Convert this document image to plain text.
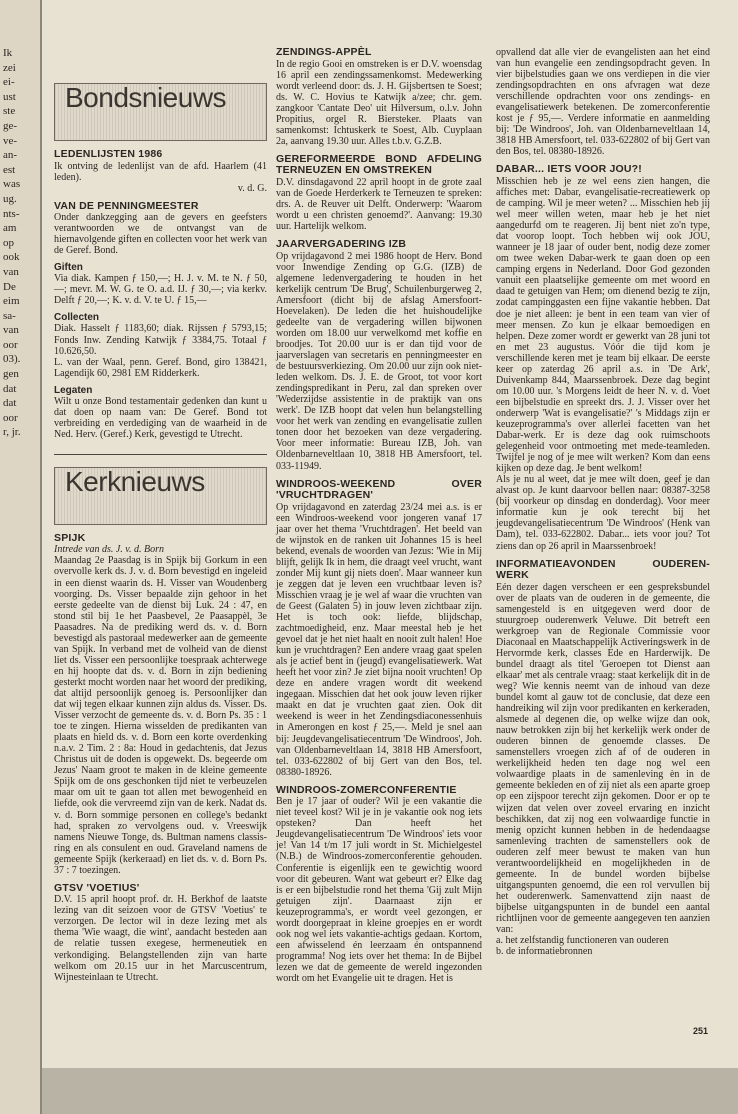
Ik
zei
ei-
ust
ste
ge-
ve-
an-
est
was
ug.
nts-
am
op
ook
van
De
eim
sa-
van
oor
03).
gen
dat
dat
oor
r, jr.
Bondsnieuws
LEDENLIJSTEN 1986

Ik ontving de ledenlijst van de afd. Haarlem (41 leden).

v. d. G.

VAN DE PENNINGMEESTER

Onder dankzegging aan de gevers en geefsters verantwoorden we de ontvangst van de hiernavolgende giften en collecten voor het werk van de Geref. Bond.

Giften

Via diak. Kampen ƒ 150,—; H. J. v. M. te N. ƒ 50,—; mevr. M. W. G. te O. a.d. IJ. ƒ 30,—; via kerkv. Delft ƒ 20,—; K. v. d. V. te U. ƒ 15,—

Collecten

Diak. Hasselt ƒ 1183,60; diak. Rijssen ƒ 5793,15; Fonds Inw. Zending Katwijk ƒ 3384,75. Totaal ƒ 10.626,50.

L. van der Waal, penn. Geref. Bond, giro 138421, Lagendijk 60, 2981 EM Ridderkerk.

Legaten

Wilt u onze Bond testamentair gedenken dan kunt u dat doen op naam van: De Geref. Bond tot verbreiding en verdediging van de waarheid in de Ned. Herv. (Geref.) Kerk, gevestigd te Utrecht.

Kerknieuws
SPIJK

Intrede van ds. J. v. d. Born

Maandag 2e Paasdag is in Spijk bij Gorkum in een overvolle kerk ds. J. v. d. Born bevestigd en ingeleid in een dienst waarin ds. H. Visser van Woudenberg voorging. Ds. Visser bepaalde zijn gehoor in het eerste gedeelte van de dienst bij Luk. 24 : 47, en stond stil bij 1e het Paasbevel, 2e Paasappèl, 3e Paasadres. Na de prediking werd ds. v. d. Born bevestigd als pastoraal medewerker aan de gemeente van Spijk. In verband met de volheid van de dienst liet ds. Visser een persoonlijke toespraak achterwege en hij hoopte dat ds. v. d. Born in zijn bediening gesterkt mocht worden naar het woord der prediking, dat altijd persoonlijk genoeg is. Persoonlijker dan dat wij tegen elkaar kunnen zijn aldus ds. Visser. Ds. Visser verzocht de gemeente ds. v. d. Born Ps. 35 : 1 toe te zingen. Hierna wisselden de predikanten van plaats en hield ds. v. d. Born een korte overdenking n.a.v. 2 Tim. 2 : 8a: Houd in gedachtenis, dat Jezus Christus uit de doden is opgewekt. Ds. begeerde om Jezus' Naam groot te maken in de kleine gemeente Spijk om de ons geschonken tijd niet te verbeuzelen maar om uit te gaan tot allen met bewogenheid en liefde, ook die vervreemd zijn van de kerk. Nadat ds. v. d. Born sommige personen en college's bedankt had, spraken zo vervolgens oud. v. Vreeswijk namens Nieuwe Tonge, ds. Bultman namens classis-ring en als consulent en oud. Graveland namens de gemeente Spijk (kerkeraad) en liet ds. v. d. Born Ps. 37 : 7 toezingen.

GTSV 'VOETIUS'

D.V. 15 april hoopt prof. dr. H. Berkhof de laatste lezing van dit seizoen voor de GTSV 'Voetius' te verzorgen. De lector wil in deze lezing met als thema 'Wie waagt, die wint', aandacht besteden aan de relatie tussen exegese, hermeneutiek en verkondiging. Belangstellenden zijn van harte welkom om 20.15 uur in het Marcuscentrum, Wijnesteinlaan te Utrecht.

ZENDINGS-APPÈL

In de regio Gooi en omstreken is er D.V. woensdag 16 april een zendingssamenkomst. Medewerking wordt verleend door: ds. J. H. Gijsbertsen te Soest; ds. W. C. Hovius te Katwijk a/zee; chr. gem. zangkoor 'Cantate Deo' uit Hilversum, o.l.v. John Propitius, orgel R. Biersteker. Plaats van samenkomst: Ichtuskerk te Soest, Alb. Cuyplaan 2a, aanvang 19.30 uur. Alles t.b.v. G.Z.B.

GEREFORMEERDE BOND AFDELING TERNEUZEN EN OMSTREKEN

D.V. dinsdagavond 22 april hoopt in de grote zaal van de Goede Herderkerk te Terneuzen te spreken: drs. A. de Reuver uit Delft. Onderwerp: 'Waarom wordt u een christen genoemd?'. Aanvang: 19.30 uur. Hartelijk welkom.

JAARVERGADERING IZB

Op vrijdagavond 2 mei 1986 hoopt de Herv. Bond voor Inwendige Zending op G.G. (IZB) de algemene ledenvergadering te houden in het kerkelijk centrum 'De Brug', Schuilenburgerweg 2, Amersfoort (dicht bij de afslag Amersfoort-Hoevelaken). De leden die het huishoudelijke gedeelte van de vergadering willen bijwonen worden om 18.00 uur verwelkomd met koffie en broodjes. Tot 20.00 uur is er dan tijd voor de jaarverslagen van secretaris en penningmeester en de bestuursverkiezing. Om 20.00 uur zijn ook niet-leden welkom. Ds. J. E. de Groot, tot voor kort zendingspredikant in Peru, zal dan spreken over 'Wederzijdse assistentie in de praktijk van ons werk'. De IZB hoopt dat velen hun belangstelling voor het werk van zending en evangelisatie zullen tonen door het bezoeken van deze vergadering. Voor meer informatie: Bureau IZB, Joh. van Oldenbarneveltlaan 10, 3818 HB Amersfoort, tel. 033-11949.

WINDROOS-WEEKEND	OVER
'VRUCHTDRAGEN'

Op vrijdagavond en zaterdag 23/24 mei a.s. is er een Windroos-weekend voor jongeren vanaf 17 jaar over het thema 'Vruchtdragen'. Het beeld van de wijnstok en de ranken uit Johannes 15 is heel bekend, evenals de woorden van Jezus: 'Wie in Mij blijft, gelijk Ik in hem, die draagt veel vrucht, want zonder Mij kunt gij niets doen'. Maar wanneer kun je zeggen dat je leven een vruchtbaar leven is? Misschien vraag je je wel af waar die vruchten van de Geest (Galaten 5) in jouw leven zichtbaar zijn. Het is toch ook: liefde, blijdschap, zachtmoedigheid, enz. Maar meestal heb je het gevoel dat je het niet haalt en nooit zult halen! Hoe kun je vruchtdragen? Een andere vraag gaat spelen als je actief bent in (jeugd) evangelisatiewerk. Wat heeft het voor zin? Je ziet bijna nooit vruchten! Op deze en andere vragen wordt dit weekend ingegaan. Misschien dat het ook jouw leven rijker maakt en dat je vruchten gaat zien. Ook dit weekend is weer in het Zendingsdiaconessenhuis in Amerongen en kost ƒ 25,—. Meld je snel aan bij: Jeugdevangelisatiecentrum 'De Windroos', Joh. van Oldenbarneveltlaan 14, 3818 HB Amersfoort, tel. 033-622802 of bij Gert van den Bos, tel. 08380-18926.

WINDROOS-ZOMERCONFERENTIE

Ben je 17 jaar of ouder? Wil je een vakantie die niet teveel kost? Wil je in je vakantie ook nog iets opsteken? Dan heeft het Jeugdevangelisatiecentrum 'De Windroos' iets voor je! Van 14 t/m 17 juli wordt in St. Michielgestel (N.B.) de Windroos-zomerconferentie gehouden. Conferentie is eigenlijk een te gewichtig woord voor dit gebeuren. Want wat gebeurt er? Elke dag is er een bijbelstudie rond het thema 'Gij zult Mijn getuigen zijn'. Daarnaast zijn er keuzeprogramma's, er wordt veel gezongen, er wordt doorgepraat in kleine groepjes en er wordt ook nog wel iets vakantie-achtigs gedaan. Kortom, een afwisselend én leerzaam én ontspannend programma! Nog iets over het thema: In de Bijbel lezen we dat de gemeente de wereld ingezonden wordt om het Evangelie uit te dragen. Het is

opvallend dat alle vier de evangelisten aan het eind van hun evangelie een zendingsopdracht geven. In vier bijbelstudies gaan we ons verdiepen in die vier zendingsopdrachten en ons afvragen wat deze verschillende opdrachten voor ons zendings- en evangelisatiewerk betekenen. De zomerconferentie kost je ƒ 95,—. Verdere informatie en aanmelding bij: 'De Windroos', Joh. van Oldenbarneveltlaan 14, 3818 HB Amersfoort, tel. 033-622802 of bij Gert van den Bos, tel. 08380-18926.

DABAR... IETS VOOR JOU?!

Misschien heb je ze wel eens zien hangen, die affiches met: Dabar, evangelisatie-recreatiewerk op de camping. Wil je meer weten? ... Misschien heb jij wel meer willen weten, maar heb je het niet aangedurfd om te reageren. Jij bent niet zo'n type, dat voorop loopt. Toch hebben wij ook JOU, wanneer je 18 jaar of ouder bent, nodig deze zomer om twee weken Dabar-werk te gaan doen op een camping ergens in Nederland. Door God gezonden vanuit een plaatselijke gemeente om met woord en daad te getuigen van Hem; om dienend bezig te zijn, zodat campinggasten een fijne vakantie hebben. Dat doe je niet alleen: je bent in een team van vier of meer mensen. Zo kun je elkaar bemoedigen en helpen. Deze zomer wordt er gewerkt van 28 juni tot en met 23 augustus. Vóór die tijd kom je verschillende keren met je team bij elkaar. De eerste keer op zaterdag 26 april a.s. in 'De Ark', Duivenkamp 844, Maarssenbroek. Deze dag begint om 10.00 uur. 's Morgens leidt de heer N. v. d. Voet een bijbelstudie en spreekt drs. J. J. Visser over het onderwerp 'Wat is evangelisatie?' 's Middags zijn er keuzeprogramma's over allerlei facetten van het Dabar-werk. Er is deze dag ook ruimschoots gelegenheid voor ontmoeting met mede-teamleden. Twijfel je nog of je mee wilt werken? Kom dan eens kijken op deze dag. Je bent welkom!

Als je nu al weet, dat je mee wilt doen, geef je dan alvast op. Je kunt daarvoor bellen naar: 08387-3258 (bij voorkeur op dinsdag en donderdag). Voor meer informatie kun je ook terecht bij het jeugdevangelisatiecentrum 'De Windroos' (Henk van Dam), tel. 033-622802. Dabar... iets voor jou? Tot ziens dan op 26 april in Maarssenbroek!

INFORMATIEAVONDEN	OUDEREN-
WERK

Eén dezer dagen verscheen er een gespreksbundel over de plaats van de ouderen in de gemeente, die samengesteld is en uitgegeven werd door de stuurgroep ouderenwerk Veluwe. Dit betreft een werkgroep van de Regionale Commissie voor Diaconaal en Maatschappelijk Activeringswerk in de Hervormde kerk, classes Ede en Harderwijk. De bundel draagt als titel 'Geroepen tot Dienst aan elkaar' met als centrale vraag: staat kerkelijk dit in de weg? Wie kennis neemt van de inhoud van deze bundel komt al gauw tot de conclusie, dat deze een handreiking wil zijn voor predikanten en kerkeraden, alsmede al degenen die, op welke wijze dan ook, nauw betrokken zijn bij het kerkelijk werk onder de ouderen binnen de genoemde classes. De samenstellers vroegen zich af of de ouderen in werkelijkheid heden ten dage nog wel een volwaardige plaats in de samenleving èn in de gemeente bekleden en of zij niet als een aparte groep op een zijspoor terecht zijn gekomen. Door er op te wijzen dat velen over zoveel ervaring en inzicht beschikken, dat zij nog een volwaardige functie in menig opzicht kunnen hebben in de hedendaagse samenleving trachten de samenstellers ook de ouderen zelf meer bewust te maken van hun verantwoordelijkheid en mogelijkheden in de gemeente. In de bundel worden bijbelse uitgangspunten genoemd, die een rol vervullen bij het ouderenwerk. Samenvattend zijn naast de bijbelse uitgangspunten in de bundel een aantal richtlijnen voor de gemeente aangegeven ten aanzien van:

a. het zelfstandig functioneren van ouderen

b. de informatiebronnen

251
